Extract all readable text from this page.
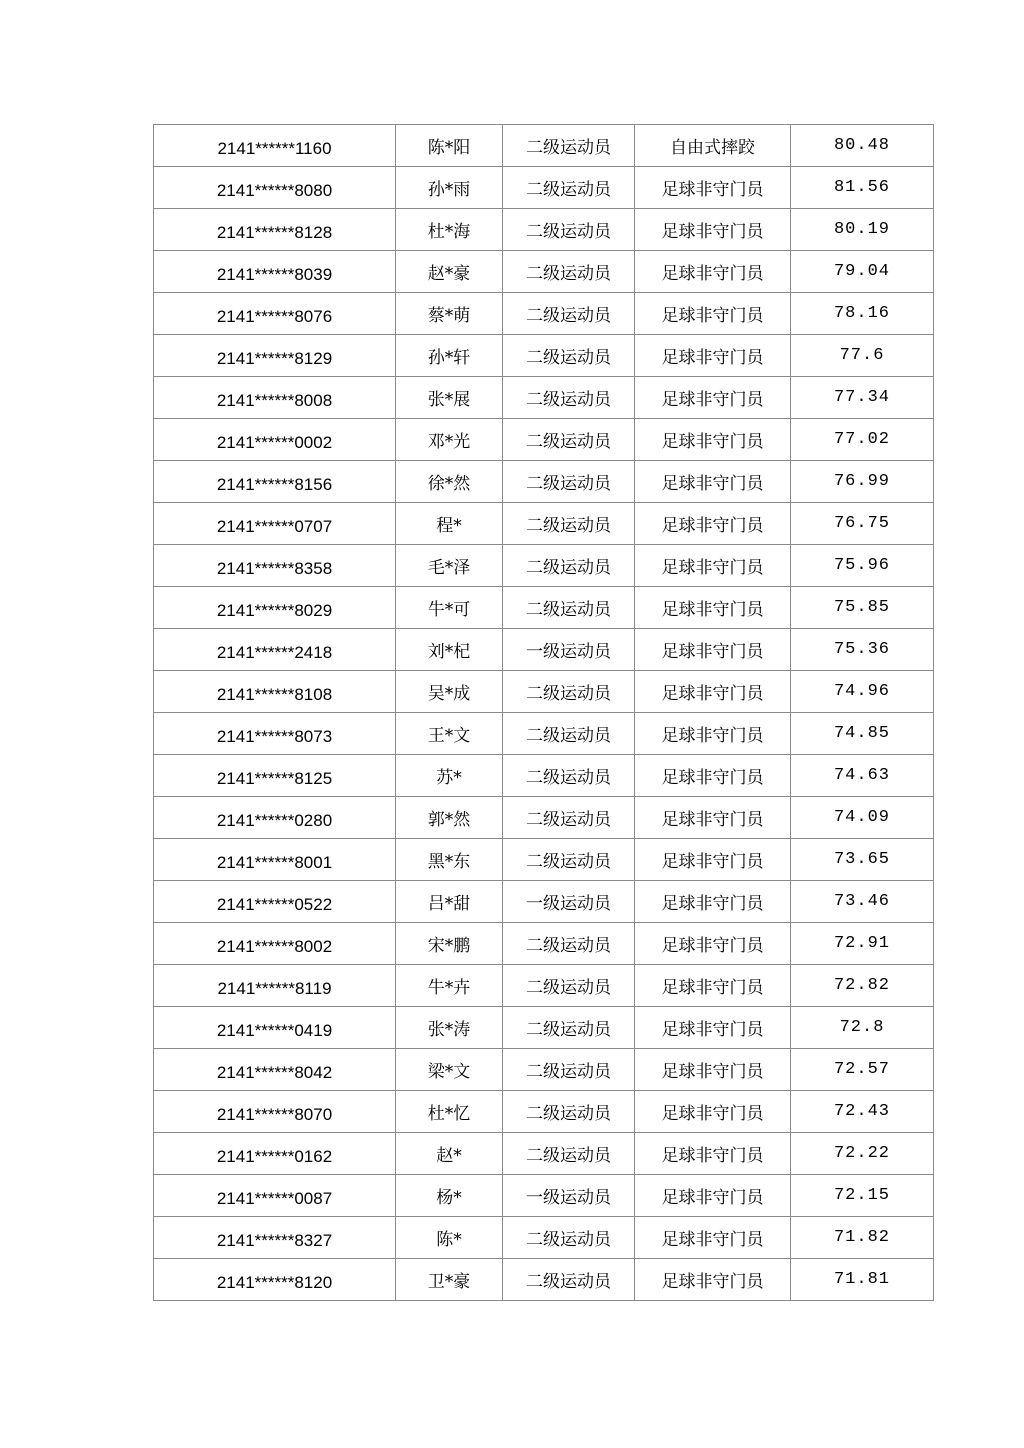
2141******1160	陈*阳	二级运动员	自由式摔跤	80.48
2141******8080	孙*雨	二级运动员	足球非守门员	81.56
2141******8128	杜*海	二级运动员	足球非守门员	80.19
2141******8039	赵*豪	二级运动员	足球非守门员	79.04
2141******8076	蔡*萌	二级运动员	足球非守门员	78.16
2141******8129	孙*轩	二级运动员	足球非守门员	77.6
2141******8008	张*展	二级运动员	足球非守门员	77.34
2141******0002	邓*光	二级运动员	足球非守门员	77.02
2141******8156	徐*然	二级运动员	足球非守门员	76.99
2141******0707	程*	二级运动员	足球非守门员	76.75
2141******8358	毛*泽	二级运动员	足球非守门员	75.96
2141******8029	牛*可	二级运动员	足球非守门员	75.85
2141******2418	刘*杞	一级运动员	足球非守门员	75.36
2141******8108	吴*成	二级运动员	足球非守门员	74.96
2141******8073	王*文	二级运动员	足球非守门员	74.85
2141******8125	苏*	二级运动员	足球非守门员	74.63
2141******0280	郭*然	二级运动员	足球非守门员	74.09
2141******8001	黑*东	二级运动员	足球非守门员	73.65
2141******0522	吕*甜	一级运动员	足球非守门员	73.46
2141******8002	宋*鹏	二级运动员	足球非守门员	72.91
2141******8119	牛*卉	二级运动员	足球非守门员	72.82
2141******0419	张*涛	二级运动员	足球非守门员	72.8
2141******8042	梁*文	二级运动员	足球非守门员	72.57
2141******8070	杜*忆	二级运动员	足球非守门员	72.43
2141******0162	赵*	二级运动员	足球非守门员	72.22
2141******0087	杨*	一级运动员	足球非守门员	72.15
2141******8327	陈*	二级运动员	足球非守门员	71.82
2141******8120	卫*豪	二级运动员	足球非守门员	71.81
